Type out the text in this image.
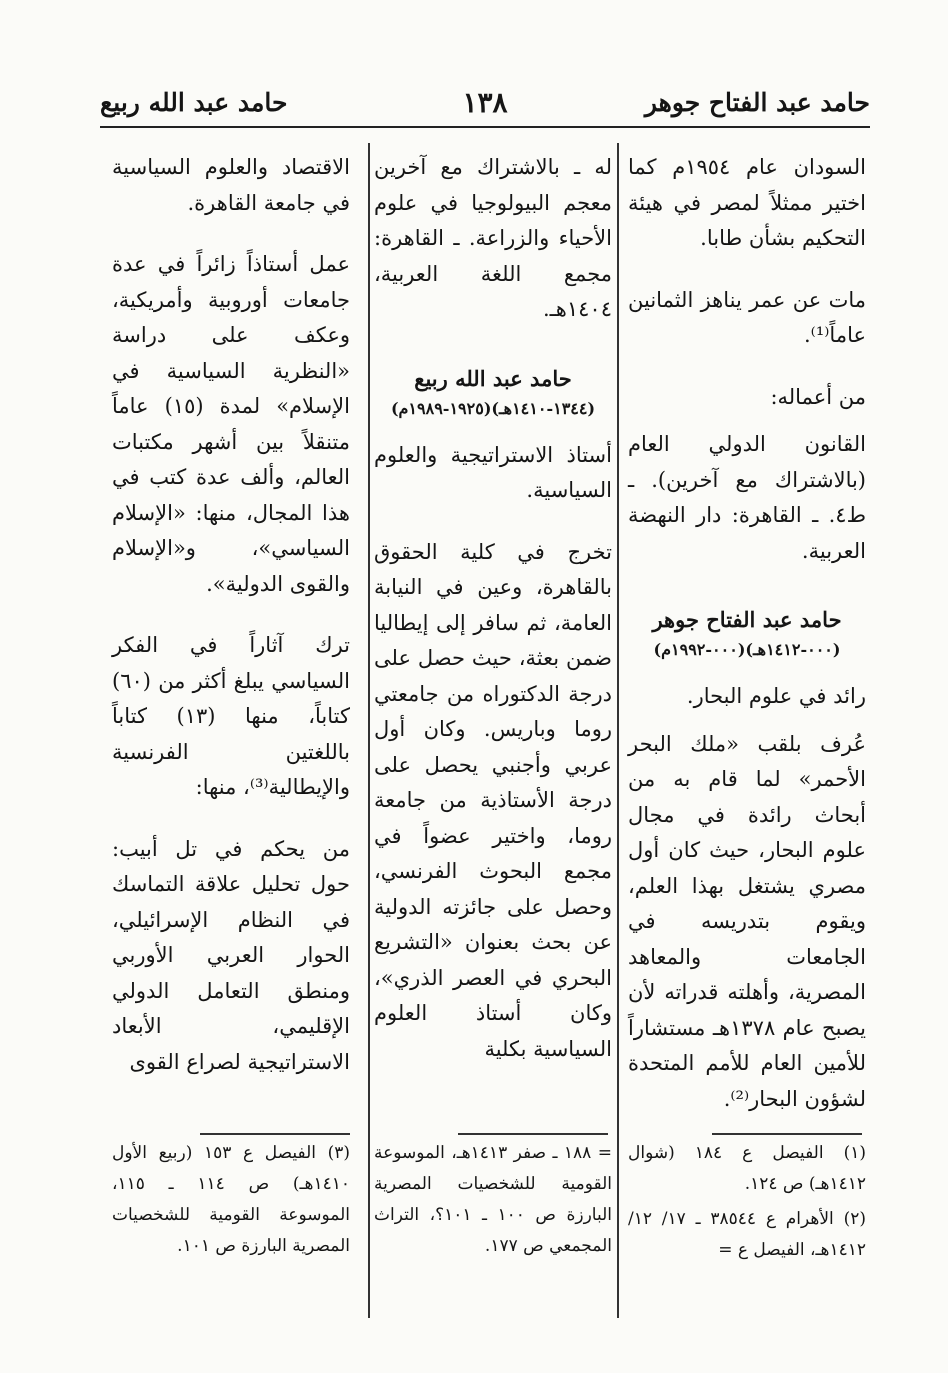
حامد عبد الفتاح جوهر
١٣٨
حامد عبد الله ربيع

السودان عام ١٩٥٤م كما اختير ممثلاً لمصر في هيئة التحكيم بشأن طابا.

مات عن عمر يناهز الثمانين عاماً⁽¹⁾.

من أعماله:

القانون الدولي العام (بالاشتراك مع آخرين). ـ ط٤. ـ القاهرة: دار النهضة العربية.

حامد عبد الفتاح جوهر
(٠٠٠-١٤١٢هـ)(٠٠٠-١٩٩٢م)

رائد في علوم البحار.

عُرف بلقب «ملك البحر الأحمر» لما قام به من أبحاث رائدة في مجال علوم البحار، حيث كان أول مصري يشتغل بهذا العلم، ويقوم بتدريسه في الجامعات والمعاهد المصرية، وأهلته قدراته لأن يصبح عام ١٣٧٨هـ مستشاراً للأمين العام للأمم المتحدة لشؤون البحار⁽²⁾.

له ـ بالاشتراك مع آخرين معجم البيولوجيا في علوم الأحياء والزراعة. ـ القاهرة: مجمع اللغة العربية، ١٤٠٤هـ.

حامد عبد الله ربيع
(١٣٤٤-١٤١٠هـ)(١٩٢٥-١٩٨٩م)

أستاذ الاستراتيجية والعلوم السياسية.

تخرج في كلية الحقوق بالقاهرة، وعين في النيابة العامة، ثم سافر إلى إيطاليا ضمن بعثة، حيث حصل على درجة الدكتوراه من جامعتي روما وباريس. وكان أول عربي وأجنبي يحصل على درجة الأستاذية من جامعة روما، واختير عضواً في مجمع البحوث الفرنسي، وحصل على جائزته الدولية عن بحث بعنوان «التشريع البحري في العصر الذري»، وكان أستاذ العلوم السياسية بكلية

الاقتصاد والعلوم السياسية في جامعة القاهرة.

عمل أستاذاً زائراً في عدة جامعات أوروبية وأمريكية، وعكف على دراسة «النظرية السياسية في الإسلام» لمدة (١٥) عاماً متنقلاً بين أشهر مكتبات العالم، وألف عدة كتب في هذا المجال، منها: «الإسلام السياسي»، و«الإسلام والقوى الدولية».

ترك آثاراً في الفكر السياسي يبلغ أكثر من (٦٠) كتاباً، منها (١٣) كتاباً باللغتين الفرنسية والإيطالية⁽³⁾، منها:

من يحكم في تل أبيب: حول تحليل علاقة التماسك في النظام الإسرائيلي، الحوار العربي الأوربي ومنطق التعامل الدولي الإقليمي، الأبعاد الاستراتيجية لصراع القوى

(١) الفيصل ع ١٨٤ (شوال ١٤١٢هـ) ص ١٢٤.
(٢) الأهرام ع ٣٨٥٤٤ ـ ١٧/ ١٢/ ١٤١٢هـ، الفيصل ع =
= ١٨٨ ـ صفر ١٤١٣هـ، الموسوعة القومية للشخصيات المصرية البارزة ص ١٠٠ ـ ١٠١؟، التراث المجمعي ص ١٧٧.
(٣) الفيصل ع ١٥٣ (ربيع الأول ١٤١٠هـ) ص ١١٤ ـ ١١٥، الموسوعة القومية للشخصيات المصرية البارزة ص ١٠١.
